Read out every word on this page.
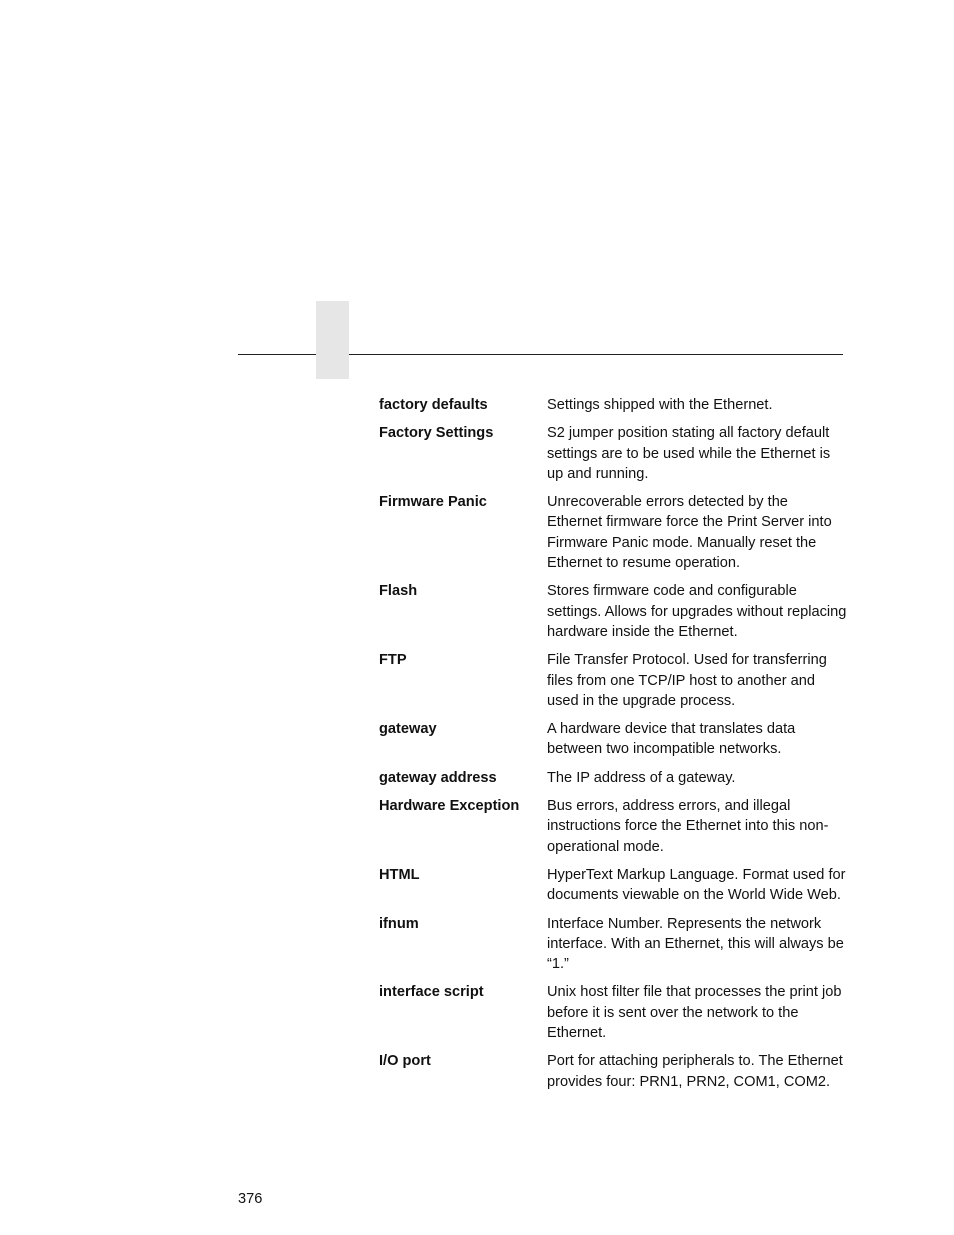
factory defaults	Settings shipped with the Ethernet.
Factory Settings	S2 jumper position stating all factory default settings are to be used while the Ethernet is up and running.
Firmware Panic	Unrecoverable errors detected by the Ethernet firmware force the Print Server into Firmware Panic mode. Manually reset the Ethernet to resume operation.
Flash	Stores firmware code and configurable settings. Allows for upgrades without replacing hardware inside the Ethernet.
FTP	File Transfer Protocol. Used for transferring files from one TCP/IP host to another and used in the upgrade process.
gateway	A hardware device that translates data between two incompatible networks.
gateway address	The IP address of a gateway.
Hardware Exception	Bus errors, address errors, and illegal instructions force the Ethernet into this non-operational mode.
HTML	HyperText Markup Language. Format used for documents viewable on the World Wide Web.
ifnum	Interface Number. Represents the network interface. With an Ethernet, this will always be “1.”
interface script	Unix host filter file that processes the print job before it is sent over the network to the Ethernet.
I/O port	Port for attaching peripherals to. The Ethernet provides four: PRN1, PRN2, COM1, COM2.
376
